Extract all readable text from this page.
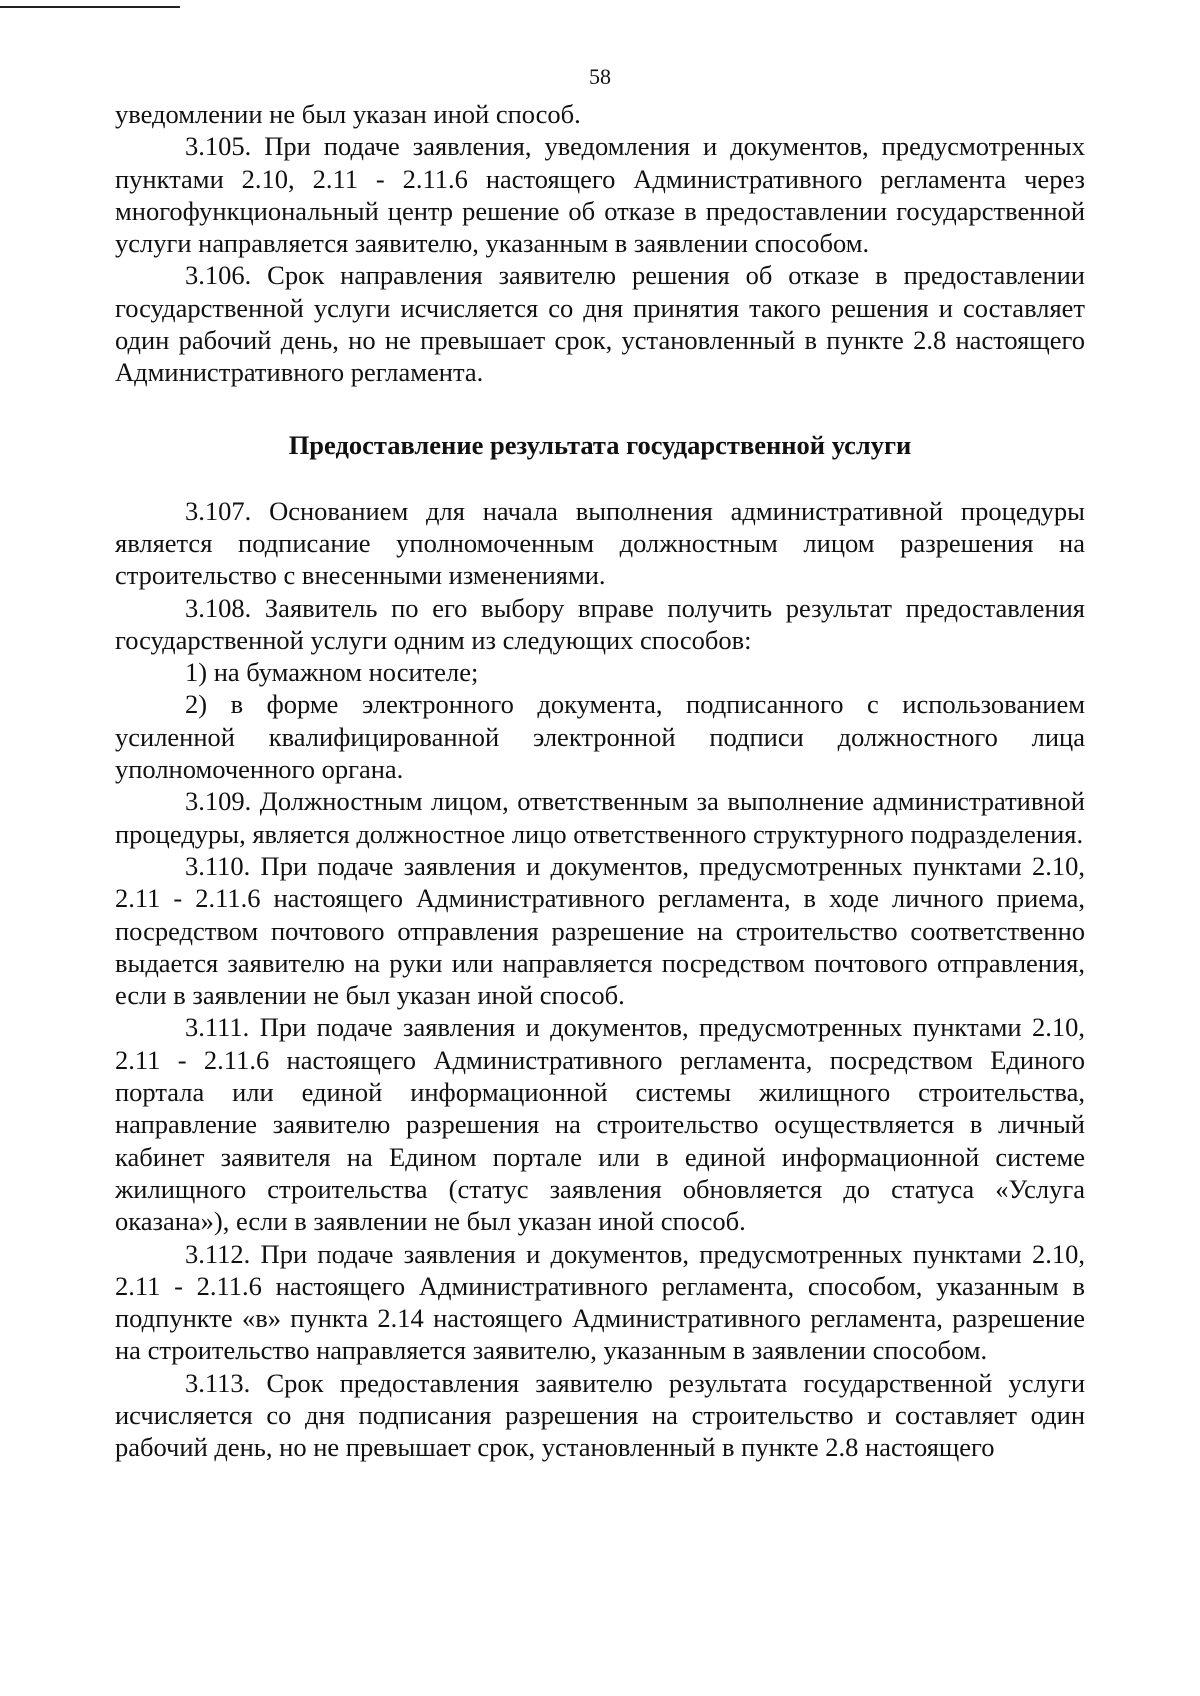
58

уведомлении не был указан иной способ.

3.105. При подаче заявления, уведомления и документов, предусмотренных пунктами 2.10, 2.11 - 2.11.6 настоящего Административного регламента через многофункциональный центр решение об отказе в предоставлении государственной услуги направляется заявителю, указанным в заявлении способом.

3.106. Срок направления заявителю решения об отказе в предоставлении государственной услуги исчисляется со дня принятия такого решения и составляет один рабочий день, но не превышает срок, установленный в пункте 2.8 настоящего Административного регламента.

Предоставление результата государственной услуги

3.107. Основанием для начала выполнения административной процедуры является подписание уполномоченным должностным лицом разрешения на строительство с внесенными изменениями.

3.108. Заявитель по его выбору вправе получить результат предоставления государственной услуги одним из следующих способов:

1) на бумажном носителе;

2) в форме электронного документа, подписанного с использованием усиленной квалифицированной электронной подписи должностного лица уполномоченного органа.

3.109. Должностным лицом, ответственным за выполнение административной процедуры, является должностное лицо ответственного структурного подразделения.

3.110. При подаче заявления и документов, предусмотренных пунктами 2.10, 2.11 - 2.11.6 настоящего Административного регламента, в ходе личного приема, посредством почтового отправления разрешение на строительство соответственно выдается заявителю на руки или направляется посредством почтового отправления, если в заявлении не был указан иной способ.

3.111. При подаче заявления и документов, предусмотренных пунктами 2.10, 2.11 - 2.11.6 настоящего Административного регламента, посредством Единого портала или единой информационной системы жилищного строительства, направление заявителю разрешения на строительство осуществляется в личный кабинет заявителя на Едином портале или в единой информационной системе жилищного строительства (статус заявления обновляется до статуса «Услуга оказана»), если в заявлении не был указан иной способ.

3.112. При подаче заявления и документов, предусмотренных пунктами 2.10, 2.11 - 2.11.6 настоящего Административного регламента, способом, указанным в подпункте «в» пункта 2.14 настоящего Административного регламента, разрешение на строительство направляется заявителю, указанным в заявлении способом.

3.113. Срок предоставления заявителю результата государственной услуги исчисляется со дня подписания разрешения на строительство и составляет один рабочий день, но не превышает срок, установленный в пункте 2.8 настоящего
